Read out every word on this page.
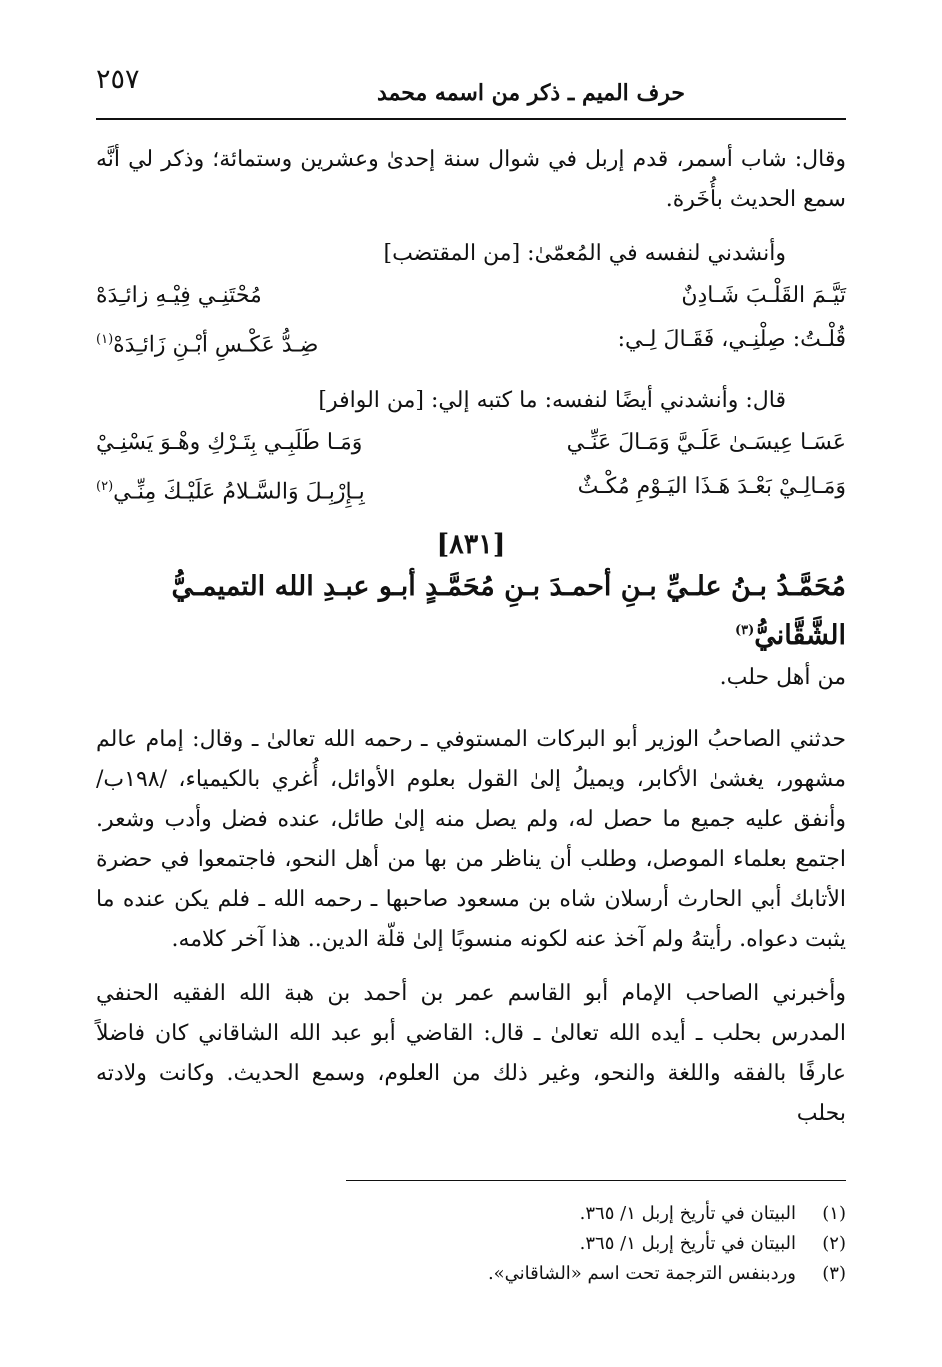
٢٥٧	حرف الميم ـ ذكر من اسمه محمد

وقال: شاب أسمر، قدم إربل في شوال سنة إحدىٰ وعشرين وستمائة؛ وذكر لي أنَّه سمع الحديث بأُخَرة.

وأنشدني لنفسه في المُعمّىٰ: [من المقتضب]

تَيَّـمَ القَلْـبَ شَـادِنٌ
مُحْتَنِـي فِيْـهِ زائـِدَهْ
قُلْـتُ: صِلْنِـي، فَقَـالَ لِـي:
ضِـدُّ عَكْـسِ أبْـنِ زَائـِدَهْ$^{(١)}$

قال: وأنشدني أيضًا لنفسه: ما كتبه إلي: [من الوافر]

عَسَـا عِيسَـىٰ عَلَـيَّ وَمَـالَ عَنِّـي
وَمَـا طَلَبِـي بِتَـرْكِ وهْـوَ يَسْنِـيْ
وَمَـالِـيْ بَعْـدَ هَـذَا اليَـوْمِ مُكْـثٌ
بِـإِرْبِـلَ وَالسَّـلامُ عَلَيْـكَ مِنِّـي$^{(٢)}$
[٨٣١]
مُحَمَّـدُ بـنُ علـيِّ بـنِ أحمـدَ بـنِ مُحَمَّـدٍ أبـو عبـدِ الله التميمـيُّ الشَّقَّانيُّ$^{(٣)}$

من أهل حلب.

حدثني الصاحبُ الوزير أبو البركات المستوفي ـ رحمه الله تعالىٰ ـ وقال: إمام عالم مشهور، يغشىٰ الأكابر، ويميلُ إلىٰ القول بعلوم الأوائل، أُغري بالكيمياء، /١٩٨ب/ وأنفق عليه جميع ما حصل له، ولم يصل منه إلىٰ طائل، عنده فضل وأدب وشعر. اجتمع بعلماء الموصل، وطلب أن يناظر من بها من أهل النحو، فاجتمعوا في حضرة الأتابك أبي الحارث أرسلان شاه بن مسعود صاحبها ـ رحمه الله ـ فلم يكن عنده ما يثبت دعواه. رأيتهُ ولم آخذ عنه لكونه منسوبًا إلىٰ قلّة الدين.. هذا آخر كلامه.

وأخبرني الصاحب الإمام أبو القاسم عمر بن أحمد بن هبة الله الفقيه الحنفي المدرس بحلب ـ أيده الله تعالىٰ ـ قال: القاضي أبو عبد الله الشاقاني كان فاضلاً عارفًا بالفقه واللغة والنحو، وغير ذلك من العلوم، وسمع الحديث. وكانت ولادته بحلب

(١)
البيتان في تأريخ إربل ١/ ٣٦٥.
(٢)
البيتان في تأريخ إربل ١/ ٣٦٥.
(٣)
وردبنفس الترجمة تحت اسم «الشاقاني».
